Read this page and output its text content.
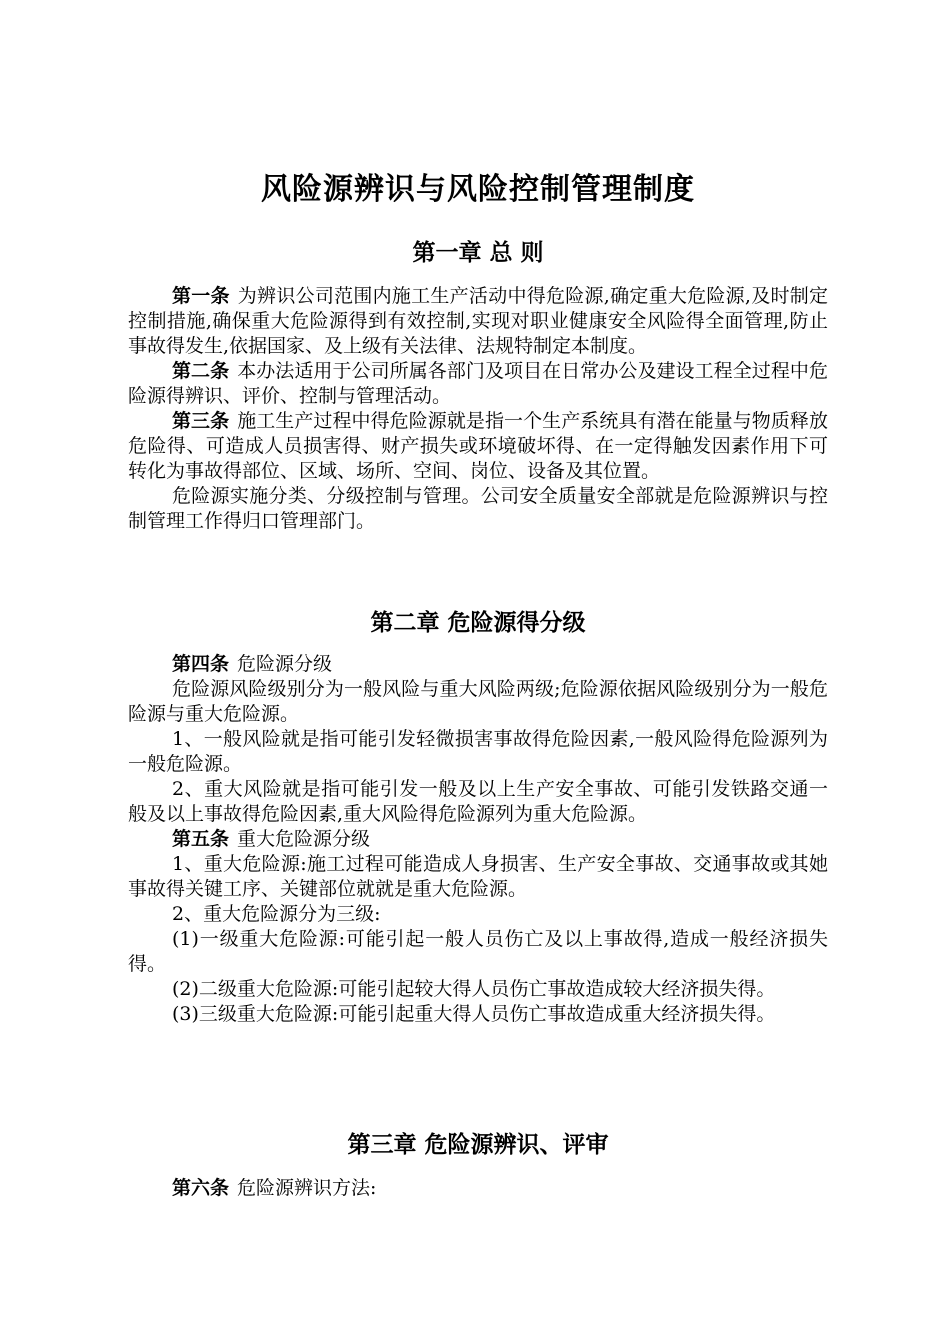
风险源辨识与风险控制管理制度
第一章 总 则

第一条 为辨识公司范围内施工生产活动中得危险源,确定重大危险源,及时制定控制措施,确保重大危险源得到有效控制,实现对职业健康安全风险得全面管理,防止事故得发生,依据国家、及上级有关法律、法规特制定本制度。

第二条 本办法适用于公司所属各部门及项目在日常办公及建设工程全过程中危险源得辨识、评价、控制与管理活动。

第三条 施工生产过程中得危险源就是指一个生产系统具有潜在能量与物质释放危险得、可造成人员损害得、财产损失或环境破坏得、在一定得触发因素作用下可转化为事故得部位、区域、场所、空间、岗位、设备及其位置。

危险源实施分类、分级控制与管理。公司安全质量安全部就是危险源辨识与控制管理工作得归口管理部门。

第二章 危险源得分级

第四条 危险源分级

危险源风险级别分为一般风险与重大风险两级;危险源依据风险级别分为一般危险源与重大危险源。

1、一般风险就是指可能引发轻微损害事故得危险因素,一般风险得危险源列为一般危险源。

2、重大风险就是指可能引发一般及以上生产安全事故、可能引发铁路交通一般及以上事故得危险因素,重大风险得危险源列为重大危险源。

第五条 重大危险源分级

1、重大危险源:施工过程可能造成人身损害、生产安全事故、交通事故或其她事故得关键工序、关键部位就就是重大危险源。

2、重大危险源分为三级:

(1)一级重大危险源:可能引起一般人员伤亡及以上事故得,造成一般经济损失得。

(2)二级重大危险源:可能引起较大得人员伤亡事故造成较大经济损失得。

(3)三级重大危险源:可能引起重大得人员伤亡事故造成重大经济损失得。

第三章 危险源辨识、评审

第六条 危险源辨识方法:
